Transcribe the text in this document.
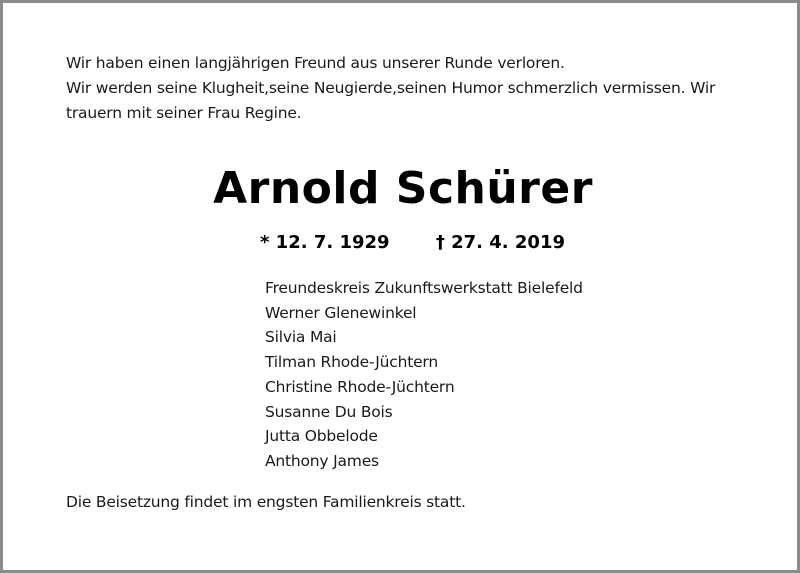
Wir haben einen langjährigen Freund aus unserer Runde verloren.

Wir werden seine Klugheit,seine Neugierde,seinen Humor schmerzlich vermissen. Wir

trauern mit seiner Frau Regine.

Arnold Schürer
* 12. 7. 1929	† 27. 4. 2019
Freundeskreis Zukunftswerkstatt Bielefeld
Werner Glenewinkel
Silvia Mai
Tilman Rhode-Jüchtern
Christine Rhode-Jüchtern
Susanne Du Bois
Jutta Obbelode
Anthony James
Die Beisetzung findet im engsten Familienkreis statt.
